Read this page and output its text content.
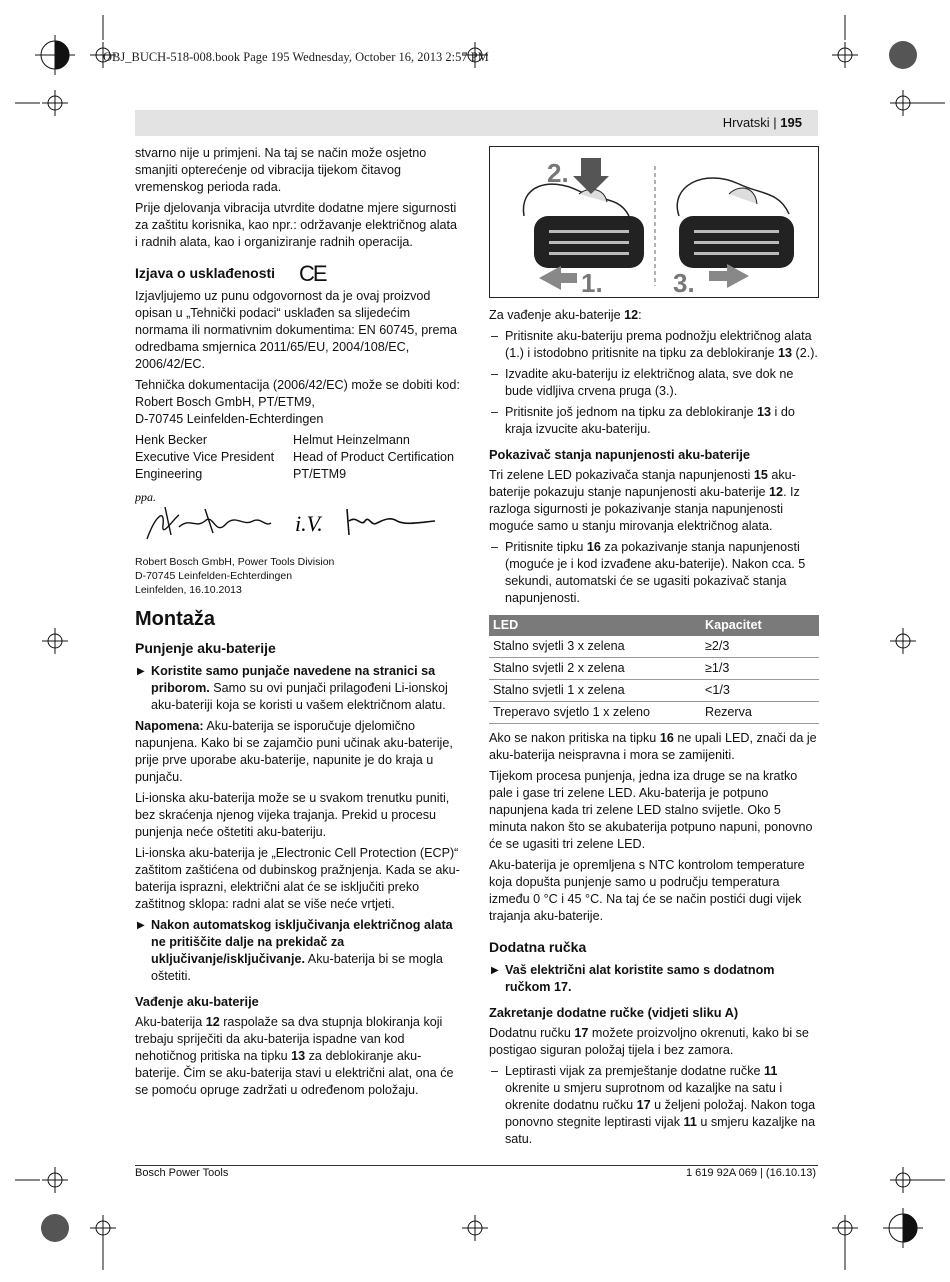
OBJ_BUCH-518-008.book Page 195 Wednesday, October 16, 2013 2:57 PM
Hrvatski | 195

stvarno nije u primjeni. Na taj se način može osjetno smanjiti opterećenje od vibracija tijekom čitavog vremenskog perioda rada.

Prije djelovanja vibracija utvrdite dodatne mjere sigurnosti za zaštitu korisnika, kao npr.: održavanje električnog alata i radnih alata, kao i organiziranje radnih operacija.

Izjava o usklađenosti CE

Izjavljujemo uz punu odgovornost da je ovaj proizvod opisan u „Tehnički podaci“ usklađen sa slijedećim normama ili normativnim dokumentima: EN 60745, prema odredbama smjernica 2011/65/EU, 2004/108/EC, 2006/42/EC.

Tehnička dokumentacija (2006/42/EC) može se dobiti kod:

Robert Bosch GmbH, PT/ETM9,
D-70745 Leinfelden-Echterdingen
Henk Becker	Helmut Heinzelmann
Executive Vice President	Head of Product Certification
Engineering	PT/ETM9
ppa.
i.V.
Robert Bosch GmbH, Power Tools Division
D-70745 Leinfelden-Echterdingen
Leinfelden, 16.10.2013
Montaža
Punjenje aku-baterije

▶ Koristite samo punjače navedene na stranici sa priborom. Samo su ovi punjači prilagođeni Li-ionskoj aku-bateriji koja se koristi u vašem električnom alatu.

Napomena: Aku-baterija se isporučuje djelomično napunjena. Kako bi se zajamčio puni učinak aku-baterije, prije prve uporabe aku-baterije, napunite je do kraja u punjaču.

Li-ionska aku-baterija može se u svakom trenutku puniti, bez skraćenja njenog vijeka trajanja. Prekid u procesu punjenja neće oštetiti aku-bateriju.

Li-ionska aku-baterija je „Electronic Cell Protection (ECP)“ zaštitom zaštićena od dubinskog pražnjenja. Kada se aku-baterija isprazni, električni alat će se isključiti preko zaštitnog sklopa: radni alat se više neće vrtjeti.

▶ Nakon automatskog isključivanja električnog alata ne pritiščite dalje na prekidač za uključivanje/isključivanje. Aku-baterija bi se mogla oštetiti.

Vađenje aku-baterije

Aku-baterija 12 raspolaže sa dva stupnja blokiranja koji trebaju spriječiti da aku-baterija ispadne van kod nehotičnog pritiska na tipku 13 za deblokiranje aku-baterije. Čim se aku-baterija stavi u električni alat, ona će se pomoću opruge zadržati u određenom položaju.

2.
1.	3.

Za vađenje aku-baterije 12:

– Pritisnite aku-bateriju prema podnožju električnog alata (1.) i istodobno pritisnite na tipku za deblokiranje 13 (2.).

– Izvadite aku-bateriju iz električnog alata, sve dok ne bude vidljiva crvena pruga (3.).

– Pritisnite još jednom na tipku za deblokiranje 13 i do kraja izvucite aku-bateriju.

Pokazivač stanja napunjenosti aku-baterije

Tri zelene LED pokazivača stanja napunjenosti 15 aku-baterije pokazuju stanje napunjenosti aku-baterije 12. Iz razloga sigurnosti je pokazivanje stanja napunjenosti moguće samo u stanju mirovanja električnog alata.

– Pritisnite tipku 16 za pokazivanje stanja napunjenosti (moguće je i kod izvađene aku-baterije). Nakon cca. 5 sekundi, automatski će se ugasiti pokazivač stanja napunjenosti.

LED	Kapacitet
Stalno svjetli 3 x zelena	≥2/3
Stalno svjetli 2 x zelena	≥1/3
Stalno svjetli 1 x zelena	<1/3
Treperavo svjetlo 1 x zeleno	Rezerva

Ako se nakon pritiska na tipku 16 ne upali LED, znači da je aku-baterija neispravna i mora se zamijeniti.

Tijekom procesa punjenja, jedna iza druge se na kratko pale i gase tri zelene LED. Aku-baterija je potpuno napunjena kada tri zelene LED stalno svijetle. Oko 5 minuta nakon što se akubaterija potpuno napuni, ponovno će se ugasiti tri zelene LED.

Aku-baterija je opremljena s NTC kontrolom temperature koja dopušta punjenje samo u području temperatura između 0 °C i 45 °C. Na taj će se način postići dugi vijek trajanja aku-baterije.

Dodatna ručka

▶ Vaš električni alat koristite samo s dodatnom ručkom 17.

Zakretanje dodatne ručke (vidjeti sliku A)

Dodatnu ručku 17 možete proizvoljno okrenuti, kako bi se postigao siguran položaj tijela i bez zamora.

– Leptirasti vijak za premještanje dodatne ručke 11 okrenite u smjeru suprotnom od kazaljke na satu i okrenite dodatnu ručku 17 u željeni položaj. Nakon toga ponovno stegnite leptirasti vijak 11 u smjeru kazaljke na satu.

Bosch Power Tools	1 619 92A 069 | (16.10.13)
